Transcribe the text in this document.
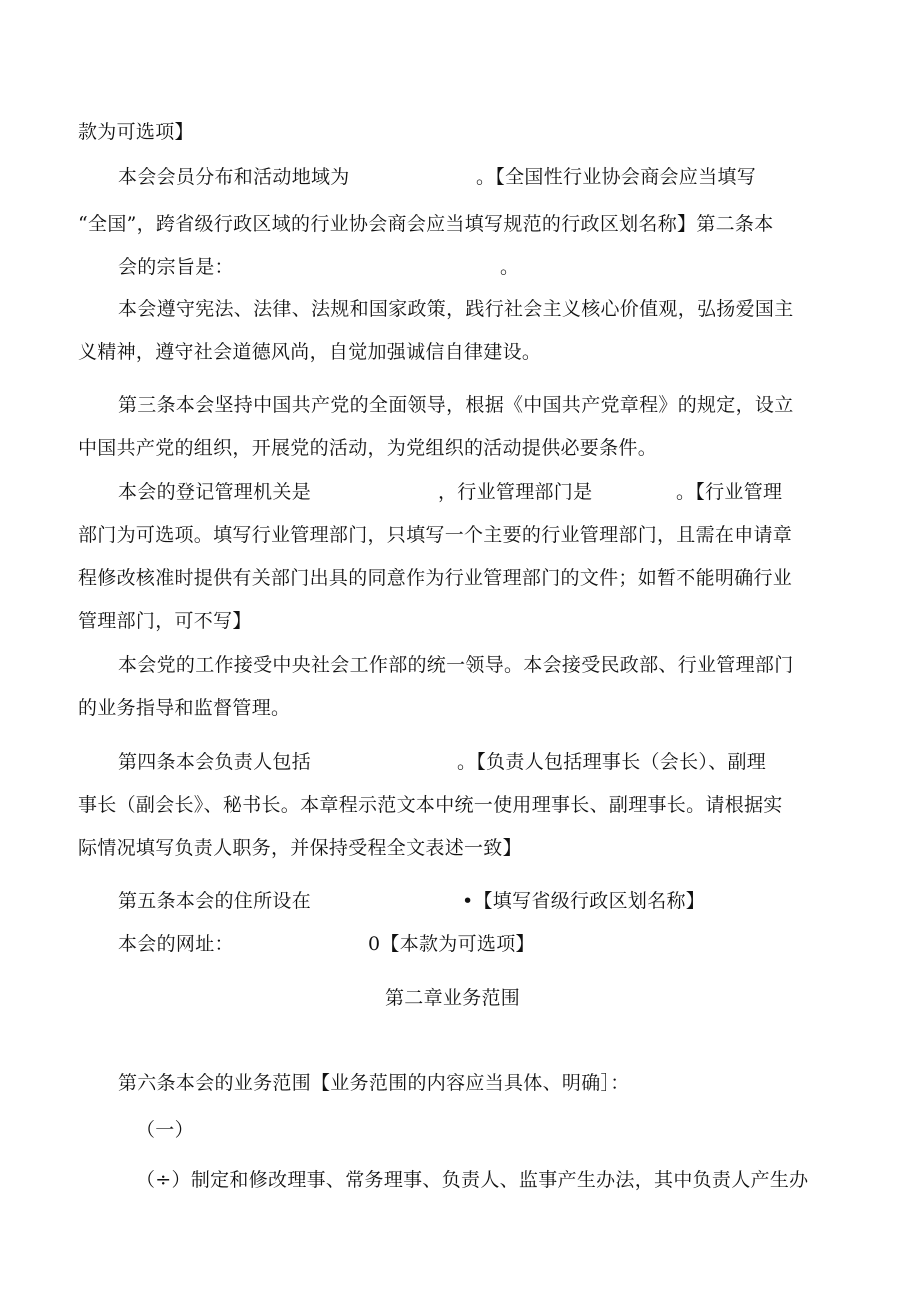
款为可选项】
本会会员分布和活动地域为	。【全国性行业协会商会应当填写
“全国”，跨省级行政区域的行业协会商会应当填写规范的行政区划名称】第二条本
会的宗旨是：	。
本会遵守宪法、法律、法规和国家政策，践行社会主义核心价值观，弘扬爱国主
义精神，遵守社会道德风尚，自觉加强诚信自律建设。
第三条本会坚持中国共产党的全面领导，根据《中国共产党章程》的规定，设立
中国共产党的组织，开展党的活动，为党组织的活动提供必要条件。
本会的登记管理机关是	，行业管理部门是	。【行业管理
部门为可选项。填写行业管理部门，只填写一个主要的行业管理部门，且需在申请章
程修改核准时提供有关部门出具的同意作为行业管理部门的文件；如暂不能明确行业
管理部门，可不写】
本会党的工作接受中央社会工作部的统一领导。本会接受民政部、行业管理部门
的业务指导和监督管理。
第四条本会负责人包括	。【负责人包括理事长（会长）、副理
事长（副会长》、秘书长。本章程示范文本中统一使用理事长、副理事长。请根据实
际情况填写负责人职务，并保持受程全文表述一致】
第五条本会的住所设在	•【填写省级行政区划名称】
本会的网址：	0【本款为可选项】
第二章业务范围
第六条本会的业务范围【业务范围的内容应当具体、明确］：
（一）
（÷）制定和修改理事、常务理事、负责人、监事产生办法，其中负责人产生办
